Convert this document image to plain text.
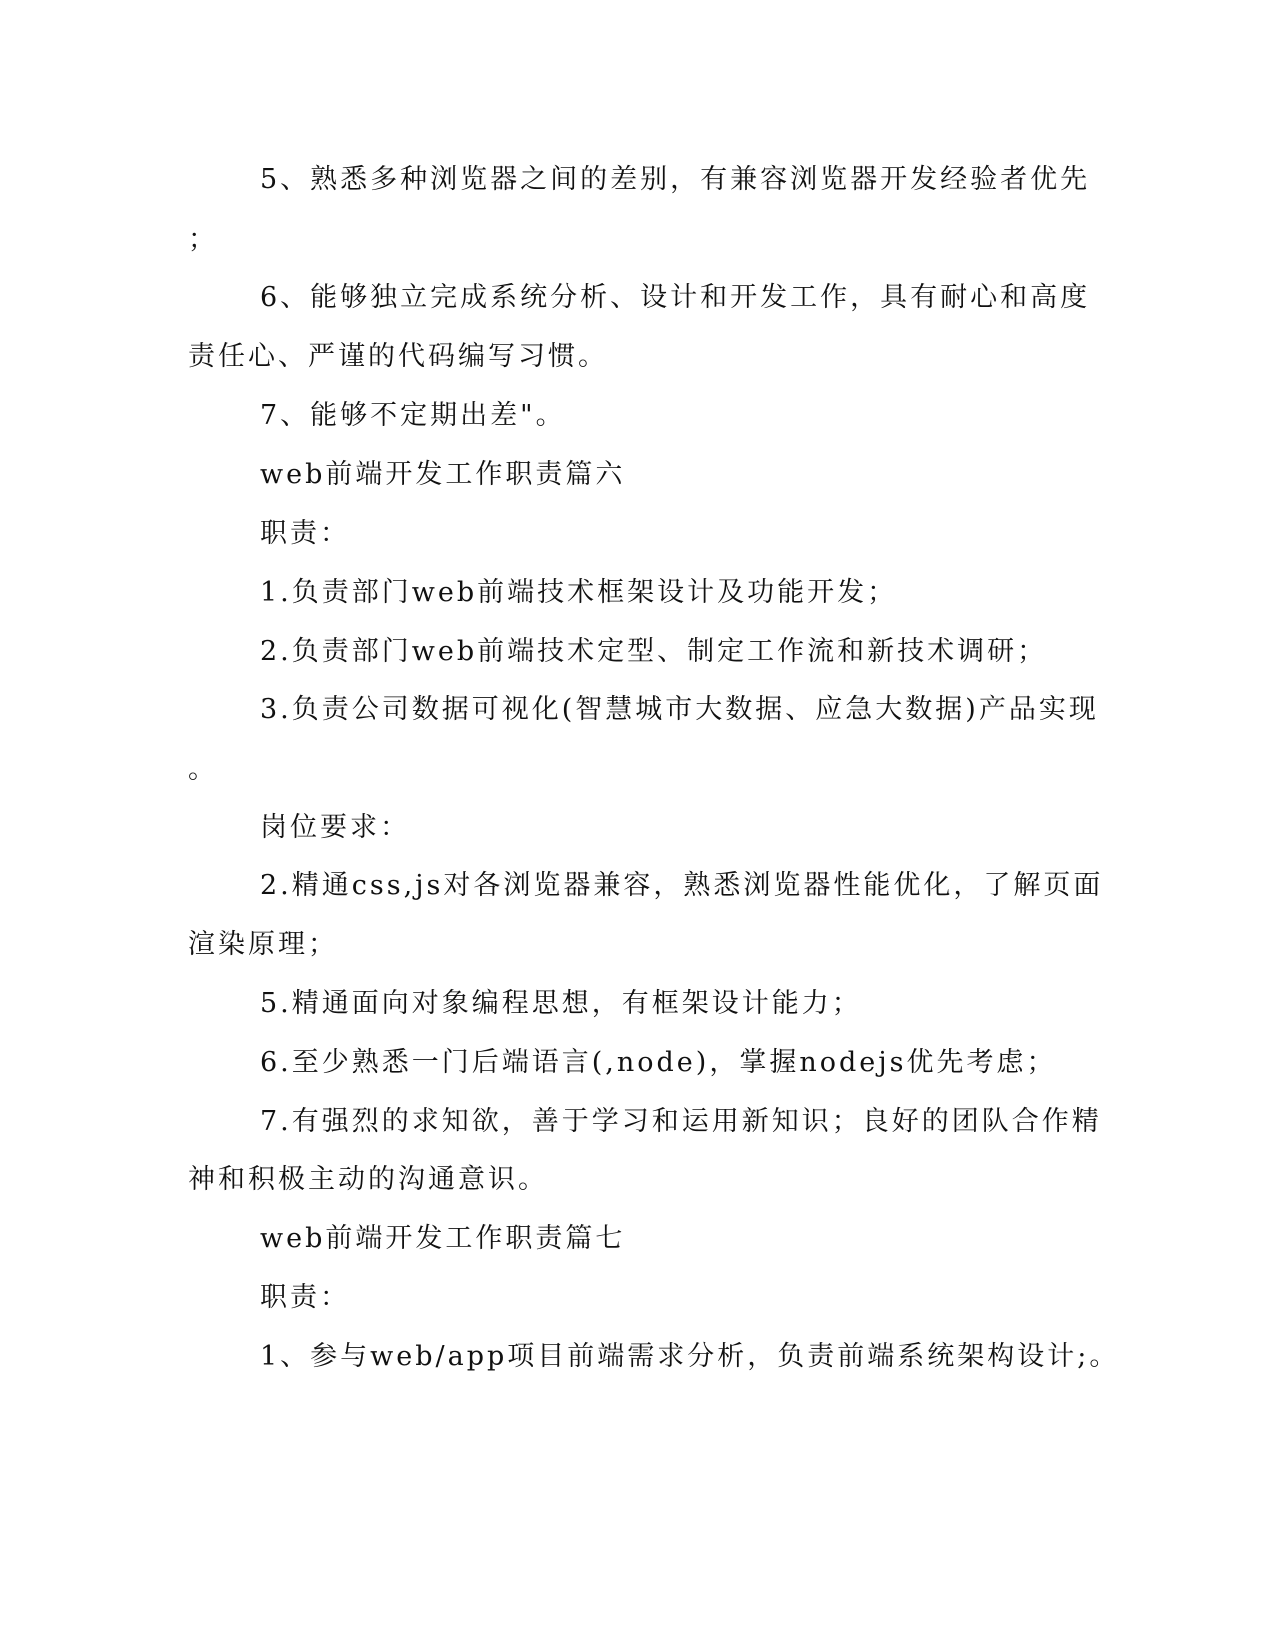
5、熟悉多种浏览器之间的差别，有兼容浏览器开发经验者优先

；

6、能够独立完成系统分析、设计和开发工作，具有耐心和高度

责任心、严谨的代码编写习惯。

7、能够不定期出差"。

web前端开发工作职责篇六

职责：

1.负责部门web前端技术框架设计及功能开发；

2.负责部门web前端技术定型、制定工作流和新技术调研；

3.负责公司数据可视化(智慧城市大数据、应急大数据)产品实现

。

岗位要求：

2.精通css,js对各浏览器兼容，熟悉浏览器性能优化，了解页面

渲染原理；

5.精通面向对象编程思想，有框架设计能力；

6.至少熟悉一门后端语言(,node)，掌握nodejs优先考虑；

7.有强烈的求知欲，善于学习和运用新知识；良好的团队合作精

神和积极主动的沟通意识。

web前端开发工作职责篇七

职责：

1、参与web/app项目前端需求分析，负责前端系统架构设计;。
